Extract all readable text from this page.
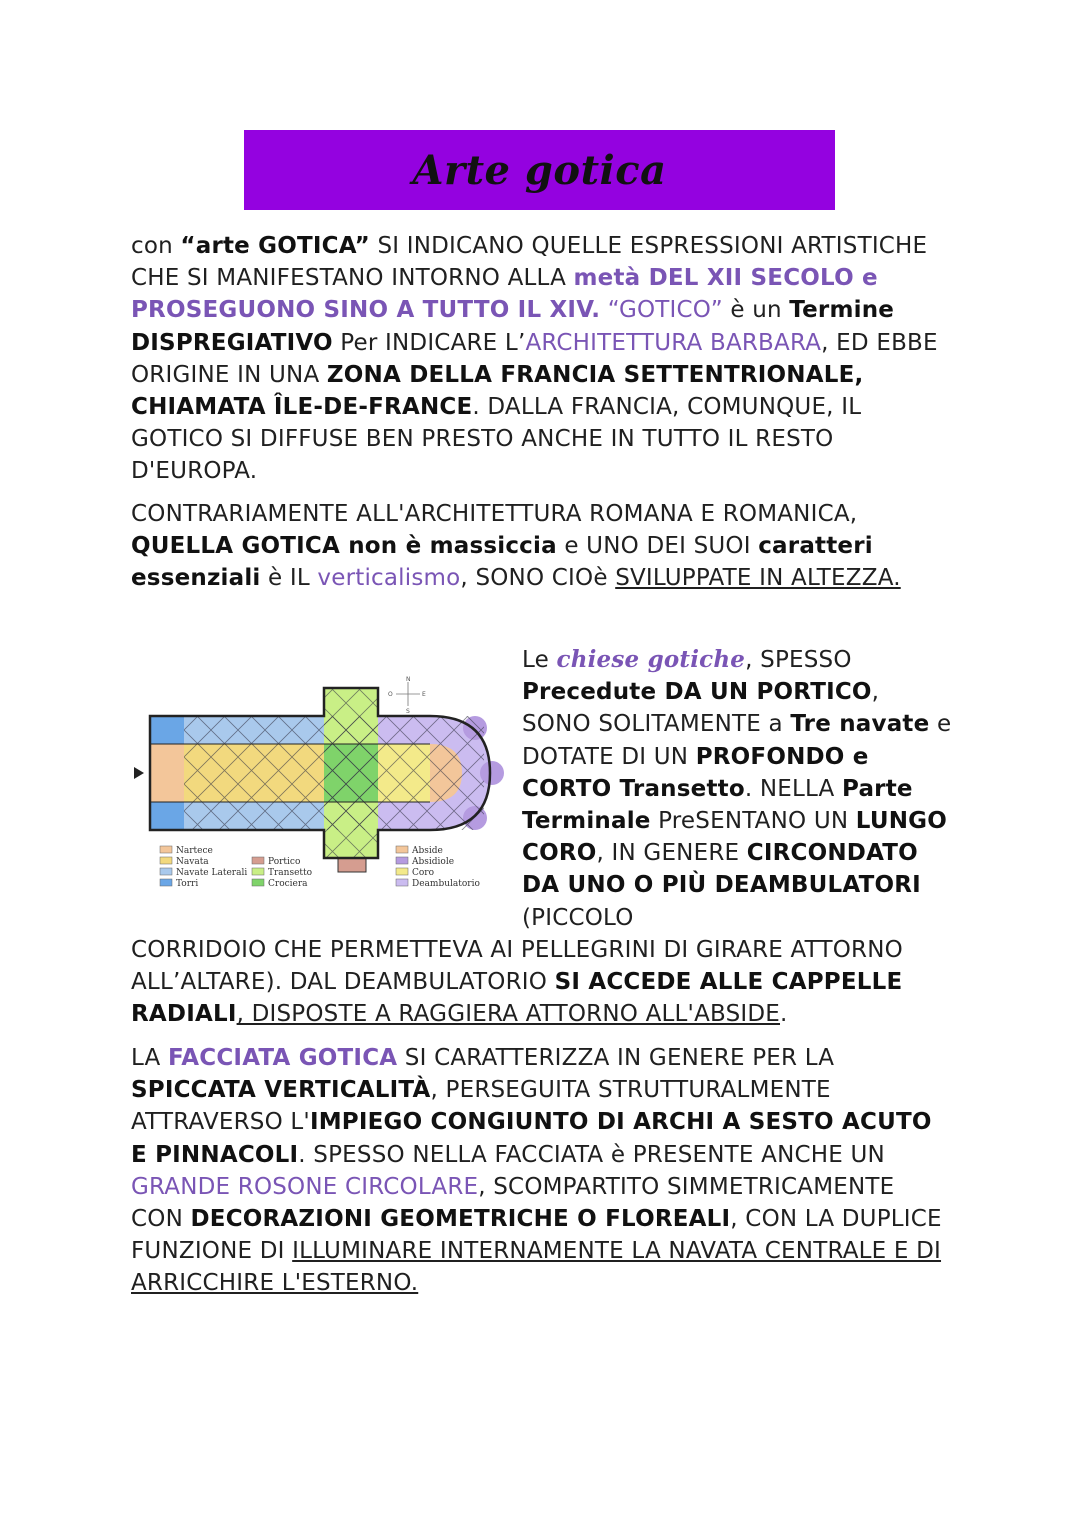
Arte gotica

con “arte GOTICA” SI INDICANO QUELLE ESPRESSIONI ARTISTICHE CHE SI MANIFESTANO INTORNO ALLA metà DEL XII SECOLO e PROSEGUONO SINO A TUTTO IL XIV. “GOTICO” è un Termine DISPREGIATIVO Per INDICARE L’ARCHITETTURA BARBARA, ED EBBE ORIGINE IN UNA ZONA DELLA FRANCIA SETTENTRIONALE, CHIAMATA ÎLE-DE-FRANCE. DALLA FRANCIA, COMUNQUE, IL GOTICO SI DIFFUSE BEN PRESTO ANCHE IN TUTTO IL RESTO D'EUROPA.

CONTRARIAMENTE ALL'ARCHITETTURA ROMANA E ROMANICA, QUELLA GOTICA non è massiccia e UNO DEI SUOI caratteri essenziali è IL verticalismo, SONO CIOè SVILUPPATE IN ALTEZZA.

N
E
S
O
Nartece
Navata
Navate Laterali
Torri
Portico
Transetto
Crociera
Abside
Absidiole
Coro
Deambulatorio

Le chiese gotiche, SPESSO Precedute DA UN PORTICO, SONO SOLITAMENTE a Tre navate e DOTATE DI UN PROFONDO e CORTO Transetto. NELLA Parte Terminale PreSENTANO UN LUNGO CORO, IN GENERE CIRCONDATO DA UNO O PIÙ DEAMBULATORI (PICCOLO

CORRIDOIO CHE PERMETTEVA AI PELLEGRINI DI GIRARE ATTORNO ALL’ALTARE). DAL DEAMBULATORIO SI ACCEDE ALLE CAPPELLE RADIALI, DISPOSTE A RAGGIERA ATTORNO ALL'ABSIDE.

LA FACCIATA GOTICA SI CARATTERIZZA IN GENERE PER LA SPICCATA VERTICALITÀ, PERSEGUITA STRUTTURALMENTE ATTRAVERSO L'IMPIEGO CONGIUNTO DI ARCHI A SESTO ACUTO E PINNACOLI. SPESSO NELLA FACCIATA è PRESENTE ANCHE UN GRANDE ROSONE CIRCOLARE, SCOMPARTITO SIMMETRICAMENTE CON DECORAZIONI GEOMETRICHE O FLOREALI, CON LA DUPLICE FUNZIONE DI ILLUMINARE INTERNAMENTE LA NAVATA CENTRALE E DI ARRICCHIRE L'ESTERNO.
